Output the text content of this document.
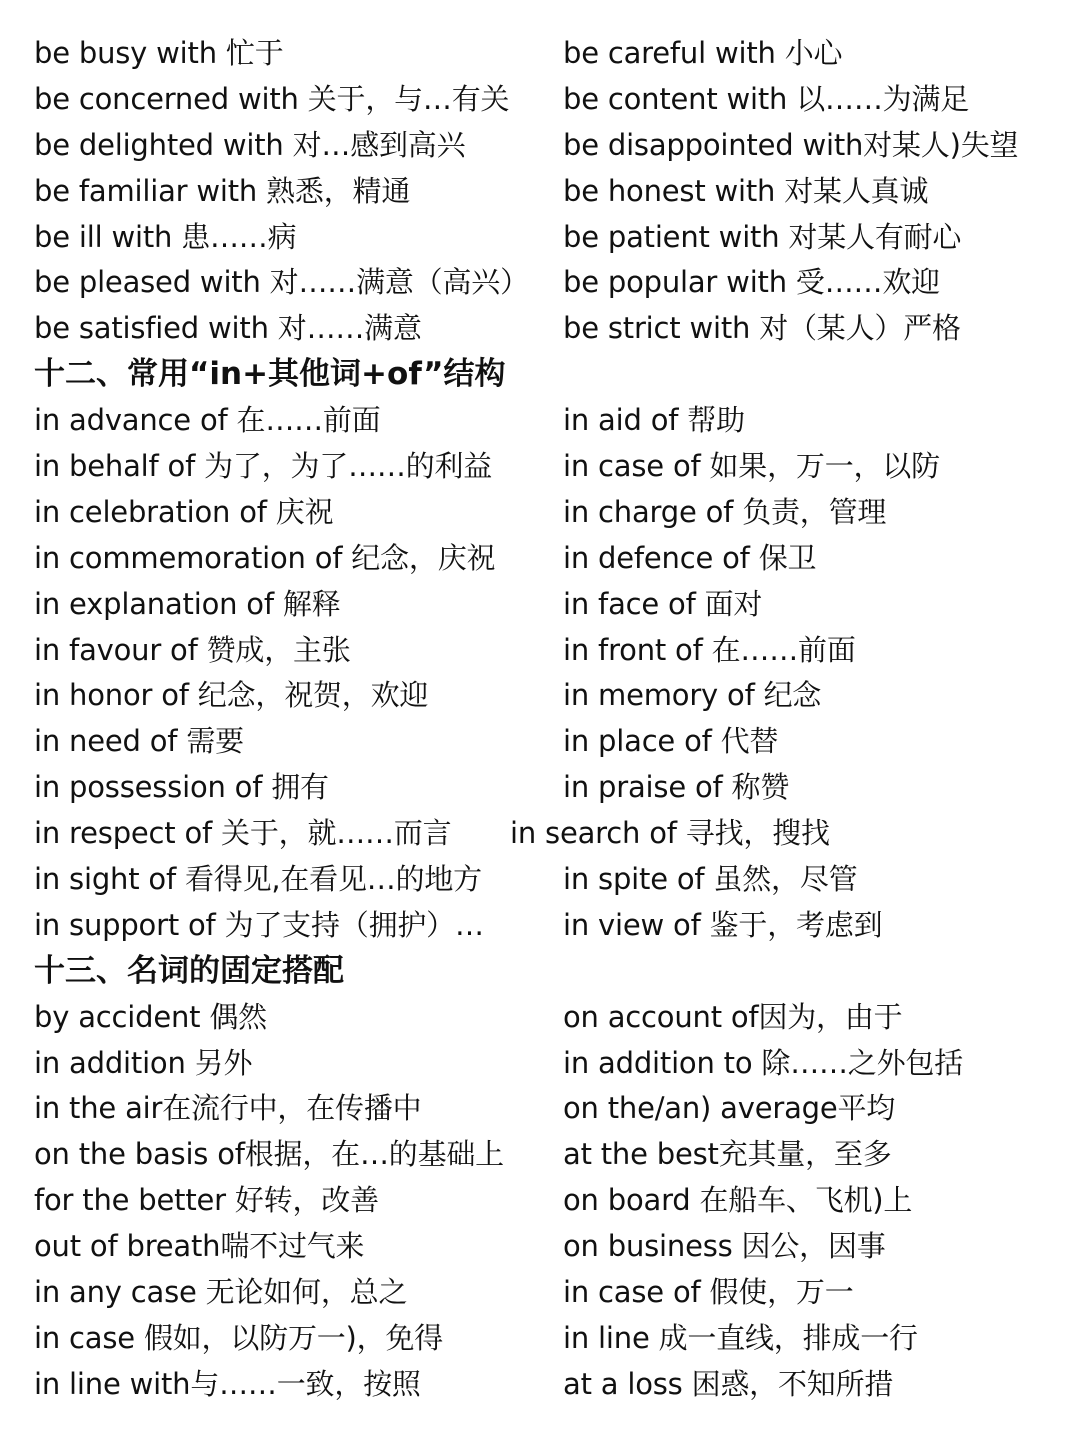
be busy with 忙于	be careful with 小心
be concerned with 关于，与…有关 be content with 以……为满足
be delighted with 对…感到高兴	be disappointed with对某人)失望
be familiar with 熟悉，精通	be honest with 对某人真诚
be ill with 患……病	be patient with 对某人有耐心
be pleased with 对……满意（高兴） be popular with 受……欢迎
be satisfied with 对……满意	be strict with 对（某人）严格
十二、常用“in+其他词+of”结构
in advance of 在……前面	in aid of 帮助
in behalf of 为了，为了……的利益 in case of 如果，万一，以防
in celebration of 庆祝	in charge of 负责，管理
in commemoration of 纪念，庆祝 in defence of 保卫
in explanation of 解释	in face of 面对
in favour of 赞成，主张	in front of 在……前面
in honor of 纪念，祝贺，欢迎	in memory of 纪念
in need of 需要	in place of 代替
in possession of 拥有	in praise of 称赞
in respect of 关于，就……而言 in search of 寻找，搜找
in sight of 看得见,在看见…的地方	in spite of 虽然，尽管
in support of 为了支持（拥护）…	in view of 鉴于，考虑到
十三、名词的固定搭配
by accident 偶然	on account of因为，由于
in addition 另外	in addition to 除……之外包括
in the air在流行中，在传播中	on the/an) average平均
on the basis of根据，在…的基础上 at the best充其量，至多
for the better 好转，改善	on board 在船车、飞机)上
out of breath喘不过气来	on business 因公，因事
in any case 无论如何，总之	in case of 假使，万一
in case 假如，以防万一)，免得	in line 成一直线，排成一行
in line with与……一致，按照	at a loss 困惑，不知所措
